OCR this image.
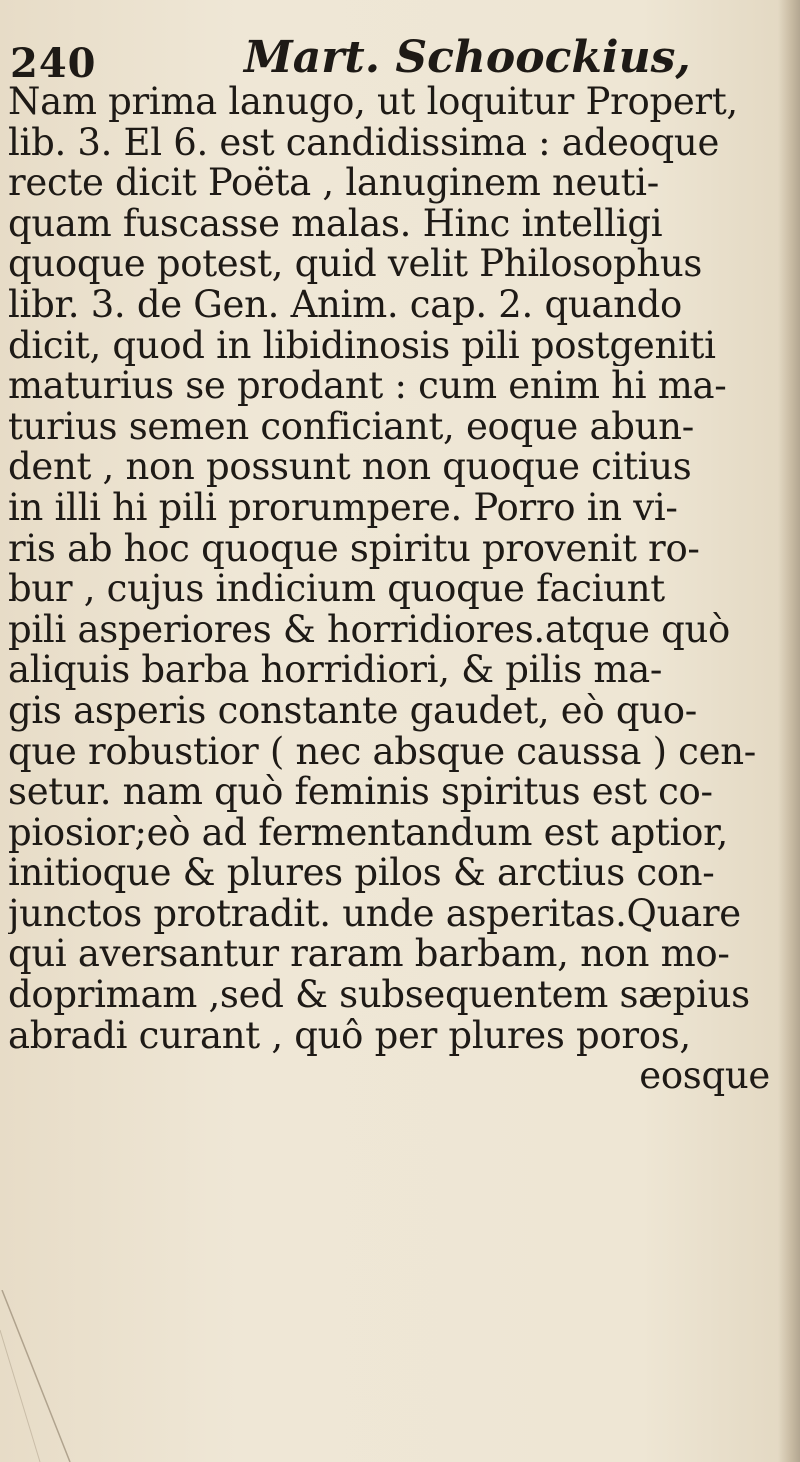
240	Mart. Schoockius,
Nam prima lanugo, ut loquitur Propert,
lib. 3. El 6. est candidissima : adeoque
recte dicit Poëta , lanuginem neuti-
quam fuscasse malas. Hinc intelligi
quoque potest, quid velit Philosophus
libr. 3. de Gen. Anim. cap. 2. quando
dicit, quod in libidinosis pili postgeniti
maturius se prodant : cum enim hi ma-
turius semen conficiant, eoque abun-
dent , non possunt non quoque citius
in illi hi pili prorumpere. Porro in vi-
ris ab hoc quoque spiritu provenit ro-
bur , cujus indicium quoque faciunt
pili asperiores & horridiores.atque quò
aliquis barba horridiori, & pilis ma-
gis asperis constante gaudet, eò quo-
que robustior ( nec absque caussa ) cen-
setur. nam quò feminis spiritus est co-
piosior;eò ad fermentandum est aptior,
initioque & plures pilos & arctius con-
junctos protradit. unde asperitas.Quare
qui aversantur raram barbam, non mo-
doprimam ,sed & subsequentem sæpius
abradi curant , quô per plures poros,
eosque
